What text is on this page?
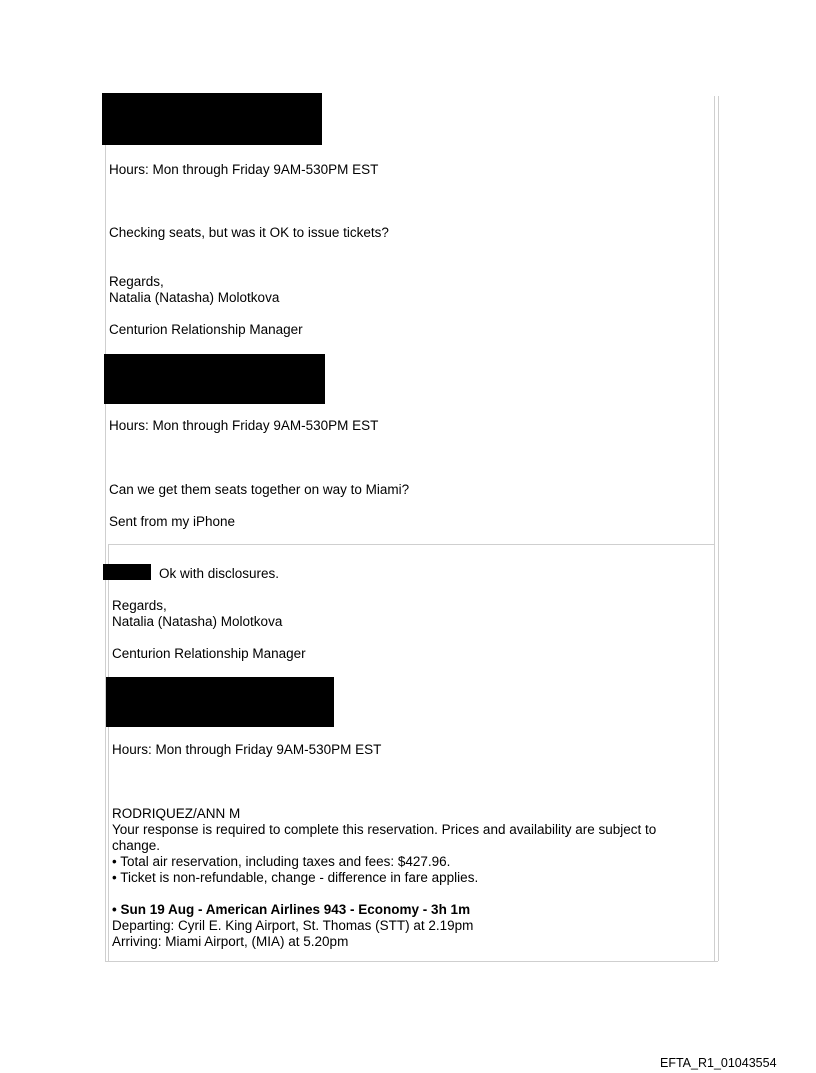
Hours: Mon through Friday 9AM-530PM EST
Checking seats, but was it OK to issue tickets?
Regards,
Natalia (Natasha) Molotkova
Centurion Relationship Manager
Hours: Mon through Friday 9AM-530PM EST
Can we get them seats together on way to Miami?
Sent from my iPhone
Ok with disclosures.
Regards,
Natalia (Natasha) Molotkova
Centurion Relationship Manager
Hours: Mon through Friday 9AM-530PM EST
RODRIQUEZ/ANN M
Your response is required to complete this reservation. Prices and availability are subject to
change.
• Total air reservation, including taxes and fees: $427.96.
• Ticket is non-refundable, change - difference in fare applies.
• Sun 19 Aug - American Airlines 943 - Economy - 3h 1m
Departing: Cyril E. King Airport, St. Thomas (STT) at 2.19pm
Arriving: Miami Airport, (MIA) at 5.20pm
EFTA_R1_01043554
